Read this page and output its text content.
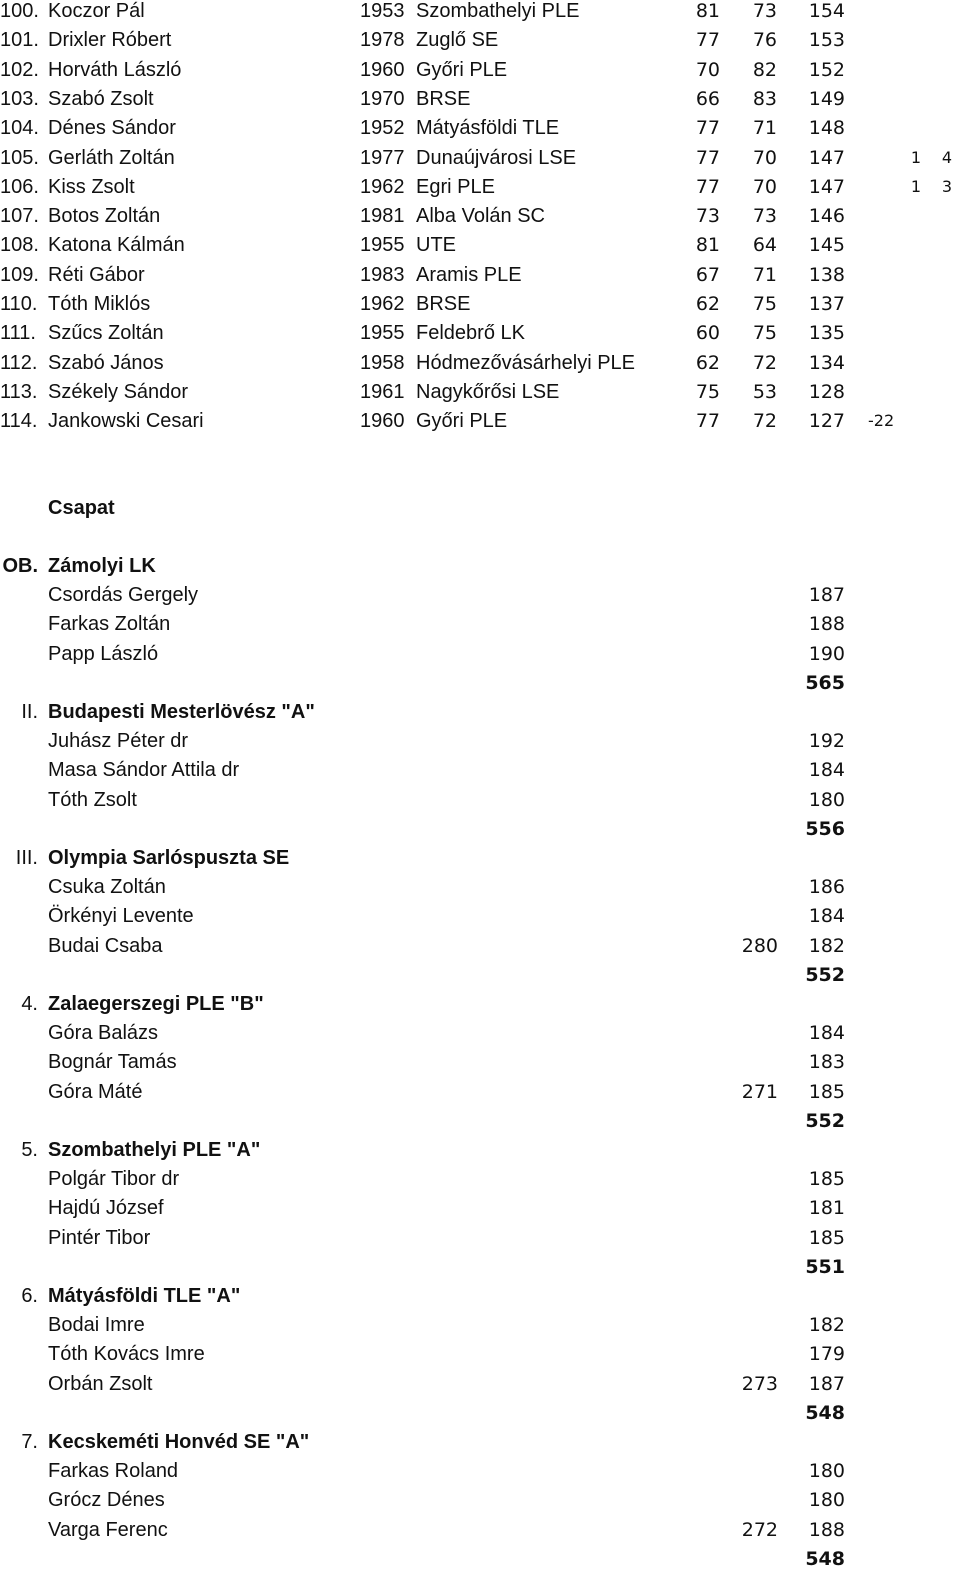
100. Koczor Pál	1953 Szombathelyi PLE	81 73 154
101. Drixler Róbert	1978 Zuglő SE	77 76 153
102. Horváth László	1960 Győri PLE	70 82 152
103. Szabó Zsolt	1970 BRSE	66 83 149
104. Dénes Sándor	1952 Mátyásföldi TLE	77 71 148
105. Gerláth Zoltán	1977 Dunaújvárosi LSE	77 70 147	1 4
106. Kiss Zsolt	1962 Egri PLE	77 70 147	1 3
107. Botos Zoltán	1981 Alba Volán SC	73 73 146
108. Katona Kálmán	1955 UTE	81 64 145
109. Réti Gábor	1983 Aramis PLE	67 71 138
110. Tóth Miklós	1962 BRSE	62 75 137
111. Szűcs Zoltán	1955 Feldebrő LK	60 75 135
112. Szabó János	1958 Hódmezővásárhelyi PLE	62 72 134
113. Székely Sándor	1961 Nagykőrősi LSE	75 53 128
114. Jankowski Cesari	1960 Győri PLE	77 72 127 -22
Csapat
OB. Zámolyi LK
Csordás Gergely	187
Farkas Zoltán	188
Papp László	190
565
II. Budapesti Mesterlövész "A"
Juhász Péter dr	192
Masa Sándor Attila dr	184
Tóth Zsolt	180
556
III. Olympia Sarlóspuszta SE
Csuka Zoltán	186
Örkényi Levente	184
Budai Csaba	280 182
552
4. Zalaegerszegi PLE "B"
Góra Balázs	184
Bognár Tamás	183
Góra Máté	271 185
552
5. Szombathelyi PLE "A"
Polgár Tibor dr	185
Hajdú József	181
Pintér Tibor	185
551
6. Mátyásföldi TLE "A"
Bodai Imre	182
Tóth Kovács Imre	179
Orbán Zsolt	273 187
548
7. Kecskeméti Honvéd SE "A"
Farkas Roland	180
Grócz Dénes	180
Varga Ferenc	272 188
548
